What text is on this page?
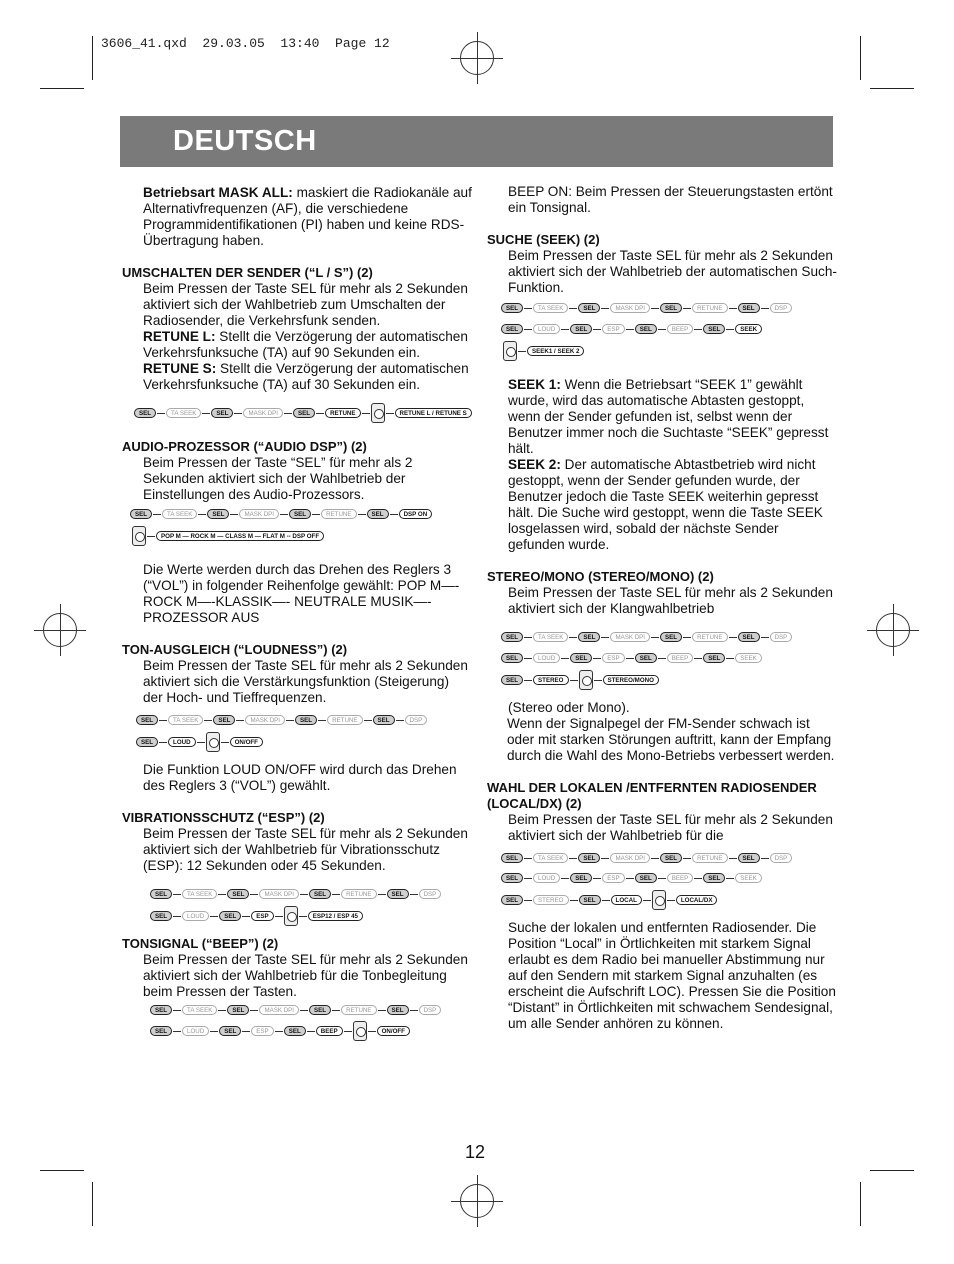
3606_41.qxd  29.03.05  13:40  Page 12
DEUTSCH

Betriebsart MASK ALL: maskiert die Radiokanäle auf Alternativfrequenzen (AF), die verschiedene Programmidentifikationen (PI) haben und keine RDS-Übertragung haben.

UMSCHALTEN DER SENDER (“L / S”) (2)

Beim Pressen der Taste SEL für mehr als 2 Sekunden aktiviert sich der Wahlbetrieb zum Umschalten der Radiosender, die Verkehrsfunk senden.

RETUNE L: Stellt die Verzögerung der automatischen Verkehrsfunksuche (TA) auf 90 Sekunden ein.

RETUNE S: Stellt die Verzögerung der automatischen Verkehrsfunksuche (TA) auf 30 Sekunden ein.

SEL	TA SEEK	SEL	MASK DPI	SEL	RETUNE	RETUNE L / RETUNE S

AUDIO-PROZESSOR (“AUDIO DSP”) (2)

Beim Pressen der Taste “SEL” für mehr als 2 Sekunden aktiviert sich der Wahlbetrieb der Einstellungen des Audio-Prozessors.

SEL	TA SEEK	SEL	MASK DPI	SEL	RETUNE	SEL	DSP ON
POP M — ROCK M — CLASS M — FLAT M -- DSP OFF

Die Werte werden durch das Drehen des Reglers 3 (“VOL”) in folgender Reihenfolge gewählt: POP M—-ROCK M—-KLASSIK—- NEUTRALE MUSIK—-PROZESSOR AUS

TON-AUSGLEICH (“LOUDNESS”) (2)

Beim Pressen der Taste SEL für mehr als 2 Sekunden aktiviert sich die Verstärkungsfunktion (Steigerung) der Hoch- und Tieffrequenzen.

SEL	TA SEEK	SEL	MASK DPI	SEL	RETUNE	SEL	DSP
SEL	LOUD	ON/OFF

Die Funktion LOUD ON/OFF wird durch das Drehen des Reglers 3 (“VOL”) gewählt.

VIBRATIONSSCHUTZ (“ESP”) (2)

Beim Pressen der Taste SEL für mehr als 2 Sekunden aktiviert sich der Wahlbetrieb für Vibrationsschutz (ESP): 12 Sekunden oder 45 Sekunden.

SEL	TA SEEK	SEL	MASK DPI	SEL	RETUNE	SEL	DSP
SEL	LOUD	SEL	ESP	ESP12 / ESP 45

TONSIGNAL (“BEEP”) (2)

Beim Pressen der Taste SEL für mehr als 2 Sekunden aktiviert sich der Wahlbetrieb für die Tonbegleitung beim Pressen der Tasten.

SEL	TA SEEK	SEL	MASK DPI	SEL	RETUNE	SEL	DSP
SEL	LOUD	SEL	ESP	SEL	BEEP	ON/OFF

BEEP ON: Beim Pressen der Steuerungstasten ertönt ein Tonsignal.

SUCHE (SEEK) (2)

Beim Pressen der Taste SEL für mehr als 2 Sekunden aktiviert sich der Wahlbetrieb der automatischen Such-Funktion.

SEL	TA SEEK	SEL	MASK DPI	SEL	RETUNE	SEL	DSP
SEL	LOUD	SEL	ESP	SEL	BEEP	SEL	SEEK
SEEK1 / SEEK 2

SEEK 1: Wenn die Betriebsart “SEEK 1” gewählt wurde, wird das automatische Abtasten gestoppt, wenn der Sender gefunden ist, selbst wenn der Benutzer immer noch die Suchtaste “SEEK” gepresst hält.

SEEK 2: Der automatische Abtastbetrieb wird nicht gestoppt, wenn der Sender gefunden wurde, der Benutzer jedoch die Taste SEEK weiterhin gepresst hält. Die Suche wird gestoppt, wenn die Taste SEEK losgelassen wird, sobald der nächste Sender gefunden wurde.

STEREO/MONO (STEREO/MONO) (2)

Beim Pressen der Taste SEL für mehr als 2 Sekunden aktiviert sich der Klangwahlbetrieb

SEL	TA SEEK	SEL	MASK DPI	SEL	RETUNE	SEL	DSP
SEL	LOUD	SEL	ESP	SEL	BEEP	SEL	SEEK
SEL	STEREO	STEREO/MONO

(Stereo oder Mono).

Wenn der Signalpegel der FM-Sender schwach ist oder mit starken Störungen auftritt, kann der Empfang durch die Wahl des Mono-Betriebs verbessert werden.

WAHL DER LOKALEN /ENTFERNTEN RADIOSENDER (LOCAL/DX) (2)

Beim Pressen der Taste SEL für mehr als 2 Sekunden aktiviert sich der Wahlbetrieb für die

SEL	TA SEEK	SEL	MASK DPI	SEL	RETUNE	SEL	DSP
SEL	LOUD	SEL	ESP	SEL	BEEP	SEL	SEEK
SEL	STEREO	SEL	LOCAL	LOCAL/DX

Suche der lokalen und entfernten Radiosender. Die Position “Local” in Örtlichkeiten mit starkem Signal erlaubt es dem Radio bei manueller Abstimmung nur auf den Sendern mit starkem Signal anzuhalten (es erscheint die Aufschrift LOC). Pressen Sie die Position “Distant” in Örtlichkeiten mit schwachem Sendesignal, um alle Sender anhören zu können.

12
